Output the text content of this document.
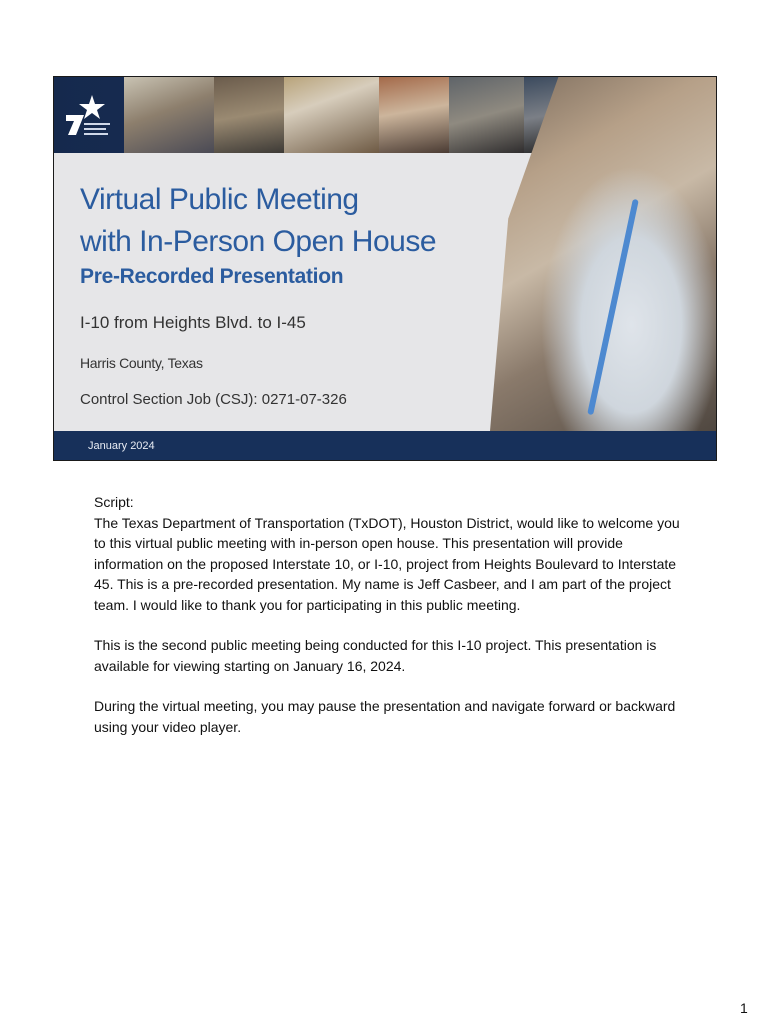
Virtual Public Meeting
with In-Person Open House
Pre-Recorded Presentation

I-10 from Heights Blvd. to I-45

Harris County, Texas

Control Section Job (CSJ): 0271-07-326

January 2024
Script:

The Texas Department of Transportation (TxDOT), Houston District, would like to welcome you to this virtual public meeting with in-person open house. This presentation will provide information on the proposed Interstate 10, or I-10, project from Heights Boulevard to Interstate 45. This is a pre-recorded presentation. My name is Jeff Casbeer, and I am part of the project team. I would like to thank you for participating in this public meeting.

This is the second public meeting being conducted for this I-10 project. This presentation is available for viewing starting on January 16, 2024.

During the virtual meeting, you may pause the presentation and navigate forward or backward using your video player.

1
